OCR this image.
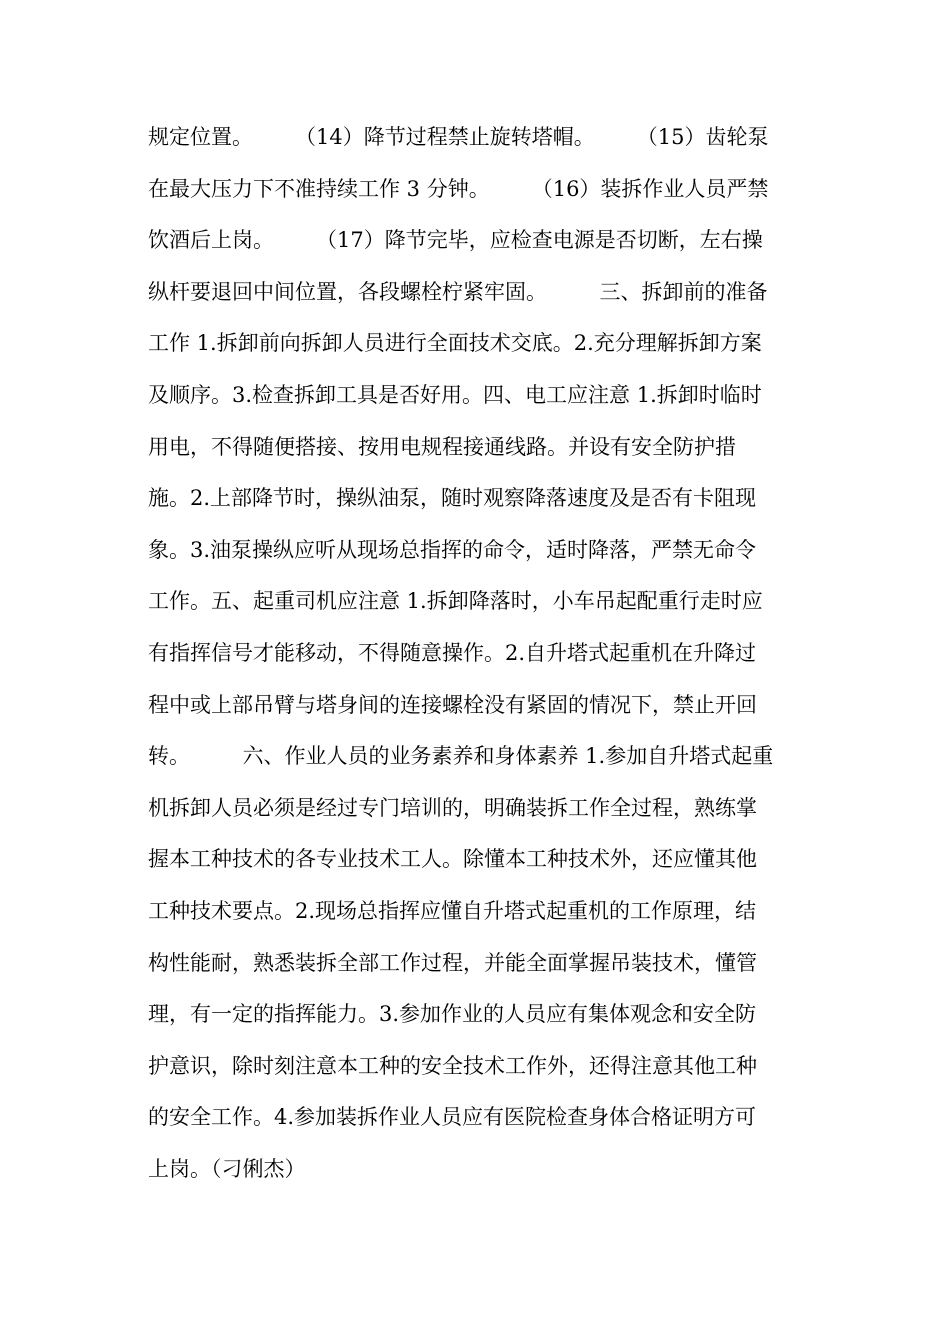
规定位置。　　　（14）降节过程禁止旋转塔帽。　　　（15）齿轮泵
在最大压力下不准持续工作 3 分钟。　　　（16）装拆作业人员严禁
饮酒后上岗。　　　（17）降节完毕，应检查电源是否切断，左右操
纵杆要退回中间位置，各段螺栓柠紧牢固。　　　三、拆卸前的准备
工作 1.拆卸前向拆卸人员进行全面技术交底。2.充分理解拆卸方案
及顺序。3.检查拆卸工具是否好用。四、电工应注意 1.拆卸时临时
用电，不得随便搭接、按用电规程接通线路。并设有安全防护措
施。2.上部降节时，操纵油泵，随时观察降落速度及是否有卡阻现
象。3.油泵操纵应听从现场总指挥的命令，适时降落，严禁无命令
工作。五、起重司机应注意 1.拆卸降落时，小车吊起配重行走时应
有指挥信号才能移动，不得随意操作。2.自升塔式起重机在升降过
程中或上部吊臂与塔身间的连接螺栓没有紧固的情况下，禁止开回
转。　　　六、作业人员的业务素养和身体素养 1.参加自升塔式起重
机拆卸人员必须是经过专门培训的，明确装拆工作全过程，熟练掌
握本工种技术的各专业技术工人。除懂本工种技术外，还应懂其他
工种技术要点。2.现场总指挥应懂自升塔式起重机的工作原理，结
构性能耐，熟悉装拆全部工作过程，并能全面掌握吊装技术，懂管
理，有一定的指挥能力。3.参加作业的人员应有集体观念和安全防
护意识，除时刻注意本工种的安全技术工作外，还得注意其他工种
的安全工作。4.参加装拆作业人员应有医院检查身体合格证明方可
上岗。（刁俐杰）
